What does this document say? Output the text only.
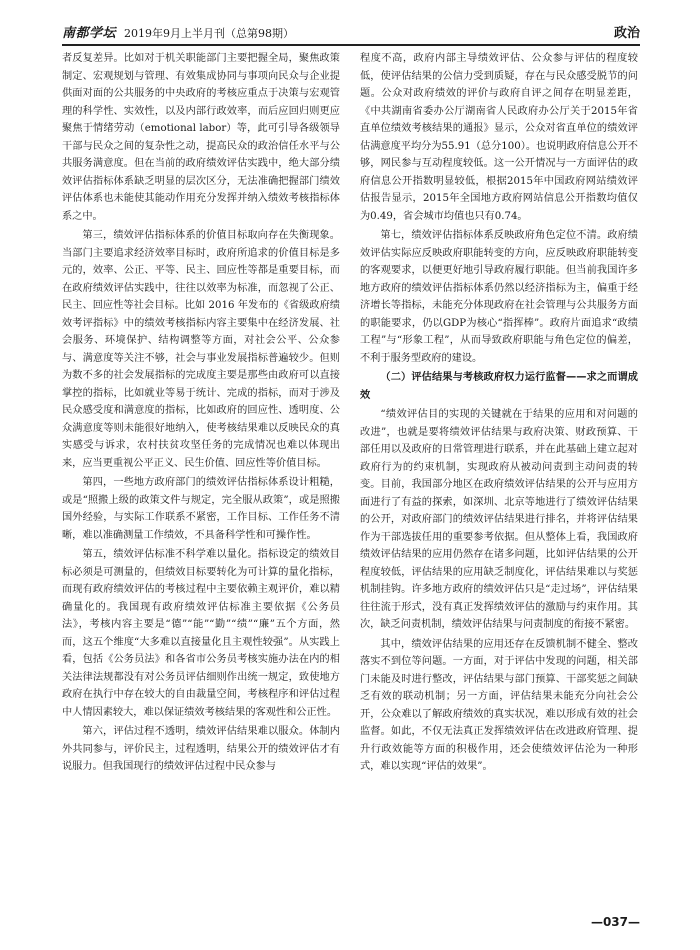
南都学坛 2019年9月上半月刊（总第98期）	政治

者反复差异。比如对于机关职能部门主要把握全局，聚焦政策制定、宏观规划与管理、有效集成协同与事项向民众与企业提供面对面的公共服务的中央政府的考核应重点于决策与宏观管理的科学性、实效性，以及内部行政效率，而后应回归则更应聚焦于情绪劳动（emotional labor）等，此可引导各级领导干部与民众之间的复杂性之动，提高民众的政治信任水平与公共服务满意度。但在当前的政府绩效评估实践中，绝大部分绩效评估指标体系缺乏明显的层次区分，无法准确把握部门绩效评估体系也未能使其能动作用充分发挥并纳入绩效考核指标体系之中。

第三，绩效评估指标体系的价值目标取向存在失衡现象。当部门主要追求经济效率目标时，政府所追求的价值目标是多元的，效率、公正、平等、民主、回应性等都是重要目标，而在政府绩效评估实践中，往往以效率为标准，而忽视了公正、民主、回应性等社会目标。比如 2016 年发布的《省级政府绩效考评指标》中的绩效考核指标内容主要集中在经济发展、社会服务、环境保护、结构调整等方面，对社会公平、公众参与、满意度等关注不够，社会与事业发展指标普遍较少。但则为数不多的社会发展指标的完成度主要是那些由政府可以直接掌控的指标，比如就业等易于统计、完成的指标，而对于涉及民众感受度和满意度的指标，比如政府的回应性、透明度、公众满意度等则未能很好地纳入，使考核结果难以反映民众的真实感受与诉求，农村扶贫攻坚任务的完成情况也难以体现出来，应当更重视公平正义、民生价值、回应性等价值目标。

第四，一些地方政府部门的绩效评估指标体系设计粗糙，或是“照搬上级的政策文件与规定，完全服从政策”，或是照搬国外经验，与实际工作联系不紧密，工作目标、工作任务不清晰，难以准确测量工作绩效，不具备科学性和可操作性。

第五，绩效评估标准不科学难以量化。指标设定的绩效目标必须是可测量的，但绩效目标要转化为可计算的量化指标，而现有政府绩效评估的考核过程中主要依赖主观评价，难以精确量化的。我国现有政府绩效评估标准主要依据《公务员法》，考核内容主要是“德”“能”“勤”“绩”“廉”五个方面，然而，这五个维度“大多难以直接量化且主观性较强”。从实践上看，包括《公务员法》和各省市公务员考核实施办法在内的相关法律法规都没有对公务员评估细则作出统一规定，致使地方政府在执行中存在较大的自由裁量空间，考核程序和评估过程中人情因素较大，难以保证绩效考核结果的客观性和公正性。

第六，评估过程不透明，绩效评估结果难以服众。体制内外共同参与，评价民主，过程透明，结果公开的绩效评估才有说服力。但我国现行的绩效评估过程中民众参与

程度不高，政府内部主导绩效评估、公众参与评估的程度较低，使评估结果的公信力受到质疑，存在与民众感受脱节的问题。公众对政府绩效的评价与政府自评之间存在明显差距，《中共湖南省委办公厅湖南省人民政府办公厅关于2015年省直单位绩效考核结果的通报》显示，公众对省直单位的绩效评估满意度平均分为55.91（总分100）。也说明政府信息公开不够，网民参与互动程度较低。这一公开情况与一方面评估的政府信息公开指数明显较低，根据2015年中国政府网站绩效评估报告显示，2015年全国地方政府网站信息公开指数均值仅为0.49，省会城市均值也只有0.74。

第七，绩效评估指标体系反映政府角色定位不清。政府绩效评估实际应反映政府职能转变的方向，应反映政府职能转变的客观要求，以便更好地引导政府履行职能。但当前我国许多地方政府的绩效评估指标体系仍然以经济指标为主，偏重于经济增长等指标，未能充分体现政府在社会管理与公共服务方面的职能要求，仍以GDP为核心“指挥棒”。政府片面追求“政绩工程”与“形象工程”，从而导致政府职能与角色定位的偏差，不利于服务型政府的建设。

（二）评估结果与考核政府权力运行监督——求之而谓成效

“绩效评估目的实现的关键就在于结果的应用和对问题的改进”，也就是要将绩效评估结果与政府决策、财政预算、干部任用以及政府的日常管理进行联系，并在此基础上建立起对政府行为的约束机制，实现政府从被动问责到主动问责的转变。目前，我国部分地区在政府绩效评估结果的公开与应用方面进行了有益的探索，如深圳、北京等地进行了绩效评估结果的公开，对政府部门的绩效评估结果进行排名，并将评估结果作为干部选拔任用的重要参考依据。但从整体上看，我国政府绩效评估结果的应用仍然存在诸多问题，比如评估结果的公开程度较低，评估结果的应用缺乏制度化，评估结果难以与奖惩机制挂钩。许多地方政府的绩效评估只是“走过场”，评估结果往往流于形式，没有真正发挥绩效评估的激励与约束作用。其次，缺乏问责机制，绩效评估结果与问责制度的衔接不紧密。

其中，绩效评估结果的应用还存在反馈机制不健全、整改落实不到位等问题。一方面，对于评估中发现的问题，相关部门未能及时进行整改，评估结果与部门预算、干部奖惩之间缺乏有效的联动机制；另一方面，评估结果未能充分向社会公开，公众难以了解政府绩效的真实状况，难以形成有效的社会监督。如此，不仅无法真正发挥绩效评估在改进政府管理、提升行政效能等方面的积极作用，还会使绩效评估沦为一种形式，难以实现“评估的效果”。

—037—
